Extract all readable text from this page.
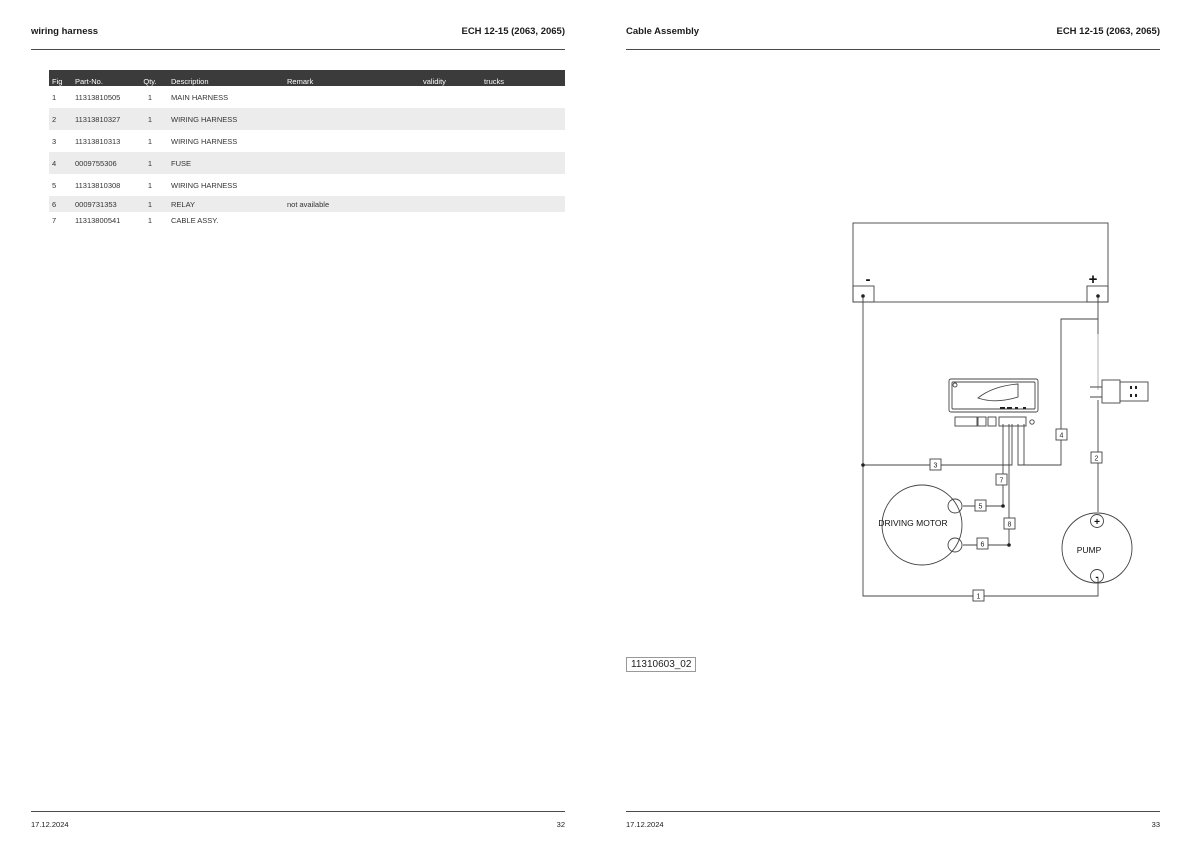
wiring harness	ECH 12-15 (2063, 2065)
Fig	Part-No.	Qty.	Description	Remark	validity	trucks
1	11313810505	1	MAIN HARNESS			
2	11313810327	1	WIRING HARNESS			
3	11313810313	1	WIRING HARNESS			
4	0009755306	1	FUSE			
5	11313810308	1	WIRING HARNESS			
6	0009731353	1	RELAY	not available		
7	11313800541	1	CABLE ASSY.			
17.12.2024	32
Cable Assembly	ECH 12-15 (2063, 2065)
17.12.2024	33
-	+
DRIVING MOTOR
PUMP
+
-
1
2
3
4
5
6
7
8
11310603_02
